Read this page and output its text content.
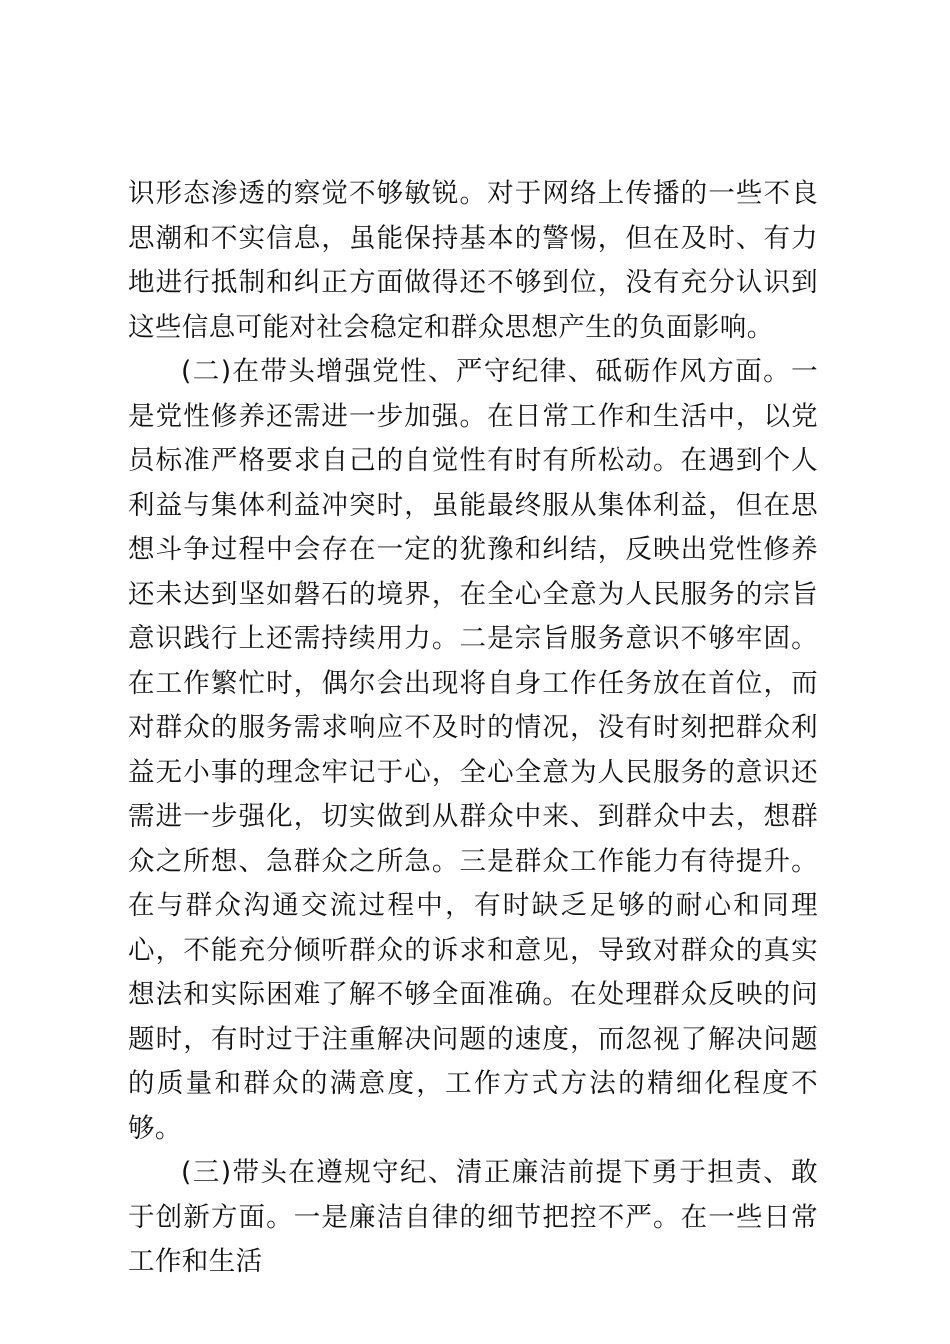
识形态渗透的察觉不够敏锐。对于网络上传播的一些不良思潮和不实信息，虽能保持基本的警惕，但在及时、有力地进行抵制和纠正方面做得还不够到位，没有充分认识到这些信息可能对社会稳定和群众思想产生的负面影响。

(二)在带头增强党性、严守纪律、砥砺作风方面。一是党性修养还需进一步加强。在日常工作和生活中，以党员标准严格要求自己的自觉性有时有所松动。在遇到个人利益与集体利益冲突时，虽能最终服从集体利益，但在思想斗争过程中会存在一定的犹豫和纠结，反映出党性修养还未达到坚如磐石的境界，在全心全意为人民服务的宗旨意识践行上还需持续用力。二是宗旨服务意识不够牢固。在工作繁忙时，偶尔会出现将自身工作任务放在首位，而对群众的服务需求响应不及时的情况，没有时刻把群众利益无小事的理念牢记于心，全心全意为人民服务的意识还需进一步强化，切实做到从群众中来、到群众中去，想群众之所想、急群众之所急。三是群众工作能力有待提升。在与群众沟通交流过程中，有时缺乏足够的耐心和同理心，不能充分倾听群众的诉求和意见，导致对群众的真实想法和实际困难了解不够全面准确。在处理群众反映的问题时，有时过于注重解决问题的速度，而忽视了解决问题的质量和群众的满意度，工作方式方法的精细化程度不够。

(三)带头在遵规守纪、清正廉洁前提下勇于担责、敢于创新方面。一是廉洁自律的细节把控不严。在一些日常工作和生活
